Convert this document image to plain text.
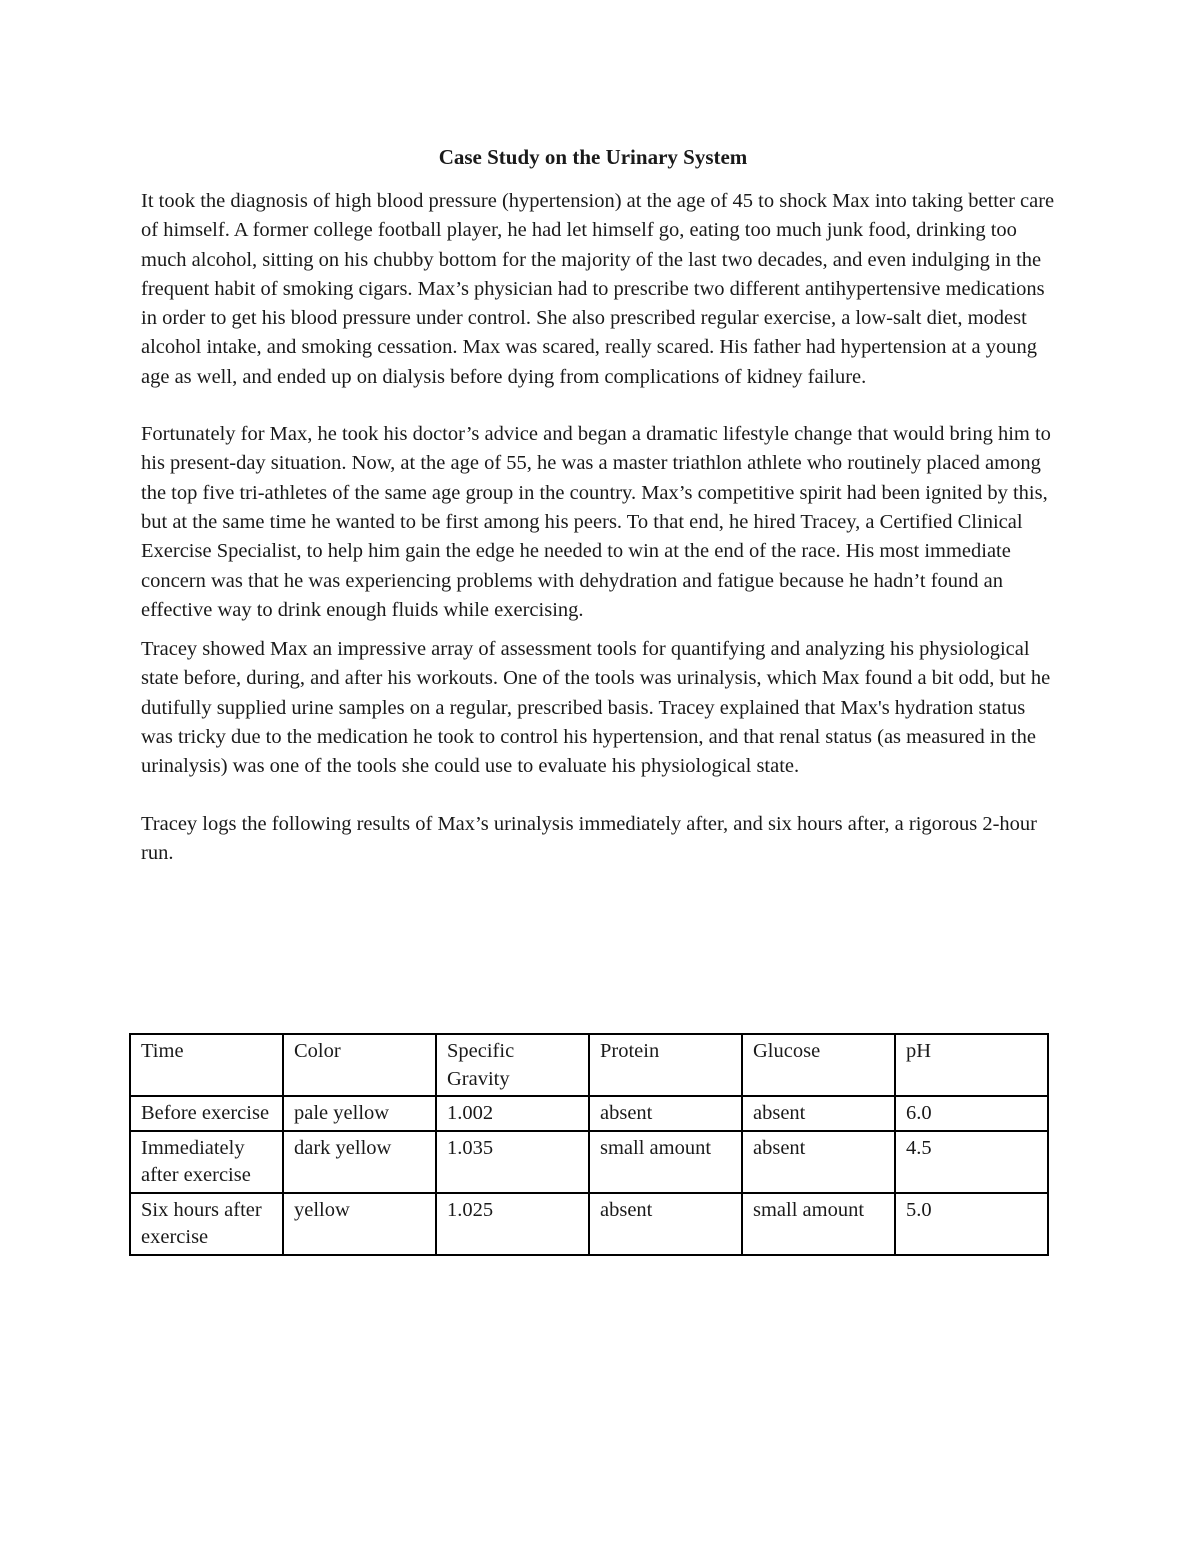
Case Study on the Urinary System

It took the diagnosis of high blood pressure (hypertension) at the age of 45 to shock Max into taking better care of himself. A former college football player, he had let himself go, eating too much junk food, drinking too much alcohol, sitting on his chubby bottom for the majority of the last two decades, and even indulging in the frequent habit of smoking cigars. Max’s physician had to prescribe two different antihypertensive medications in order to get his blood pressure under control. She also prescribed regular exercise, a low-salt diet, modest alcohol intake, and smoking cessation. Max was scared, really scared. His father had hypertension at a young age as well, and ended up on dialysis before dying from complications of kidney failure.

Fortunately for Max, he took his doctor’s advice and began a dramatic lifestyle change that would bring him to his present-day situation. Now, at the age of 55, he was a master triathlon athlete who routinely placed among the top five tri-athletes of the same age group in the country. Max’s competitive spirit had been ignited by this, but at the same time he wanted to be first among his peers. To that end, he hired Tracey, a Certified Clinical Exercise Specialist, to help him gain the edge he needed to win at the end of the race. His most immediate concern was that he was experiencing problems with dehydration and fatigue because he hadn’t found an effective way to drink enough fluids while exercising.

Tracey showed Max an impressive array of assessment tools for quantifying and analyzing his physiological state before, during, and after his workouts. One of the tools was urinalysis, which Max found a bit odd, but he dutifully supplied urine samples on a regular, prescribed basis. Tracey explained that Max's hydration status was tricky due to the medication he took to control his hypertension, and that renal status (as measured in the urinalysis) was one of the tools she could use to evaluate his physiological state.

Tracey logs the following results of Max’s urinalysis immediately after, and six hours after, a rigorous 2-hour run.

Time	Color	Specific Gravity	Protein	Glucose	pH
Before exercise	pale yellow	1.002	absent	absent	6.0
Immediately after exercise	dark yellow	1.035	small amount	absent	4.5
Six hours after exercise	yellow	1.025	absent	small amount	5.0
